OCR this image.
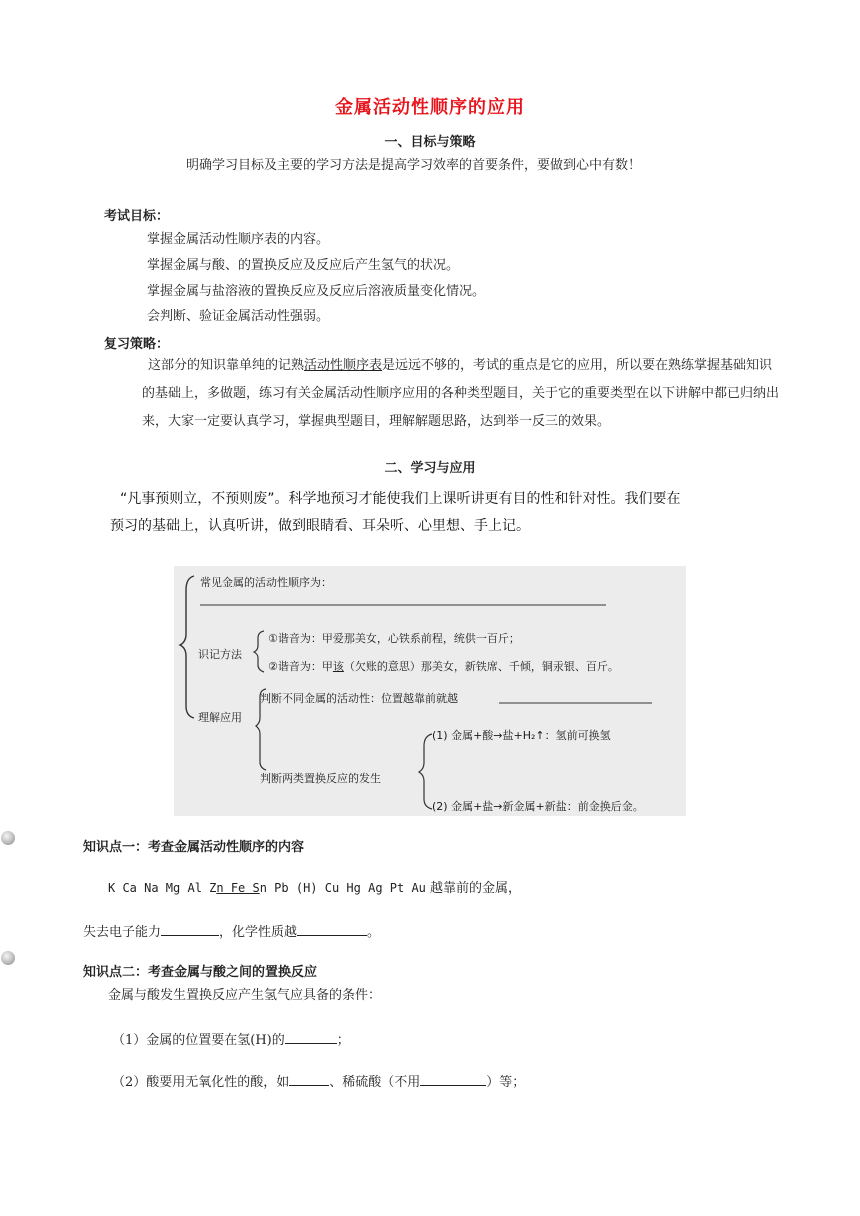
金属活动性顺序的应用
一、目标与策略
明确学习目标及主要的学习方法是提高学习效率的首要条件，要做到心中有数！
考试目标：
掌握金属活动性顺序表的内容。
掌握金属与酸、的置换反应及反应后产生氢气的状况。
掌握金属与盐溶液的置换反应及反应后溶液质量变化情况。
会判断、验证金属活动性强弱。
复习策略：
这部分的知识靠单纯的记熟活动性顺序表是远远不够的，考试的重点是它的应用，所以要在熟练掌握基础知识的基础上，多做题，练习有关金属活动性顺序应用的各种类型题目，关于它的重要类型在以下讲解中都已归纳出来，大家一定要认真学习，掌握典型题目，理解解题思路，达到举一反三的效果。
二、学习与应用
“凡事预则立，不预则废”。科学地预习才能使我们上课听讲更有目的性和针对性。我们要在
预习的基础上，认真听讲，做到眼睛看、耳朵听、心里想、手上记。
常见金属的活动性顺序为：
识记方法
①谐音为：甲爱那美女，心铁系前程，统供一百斤；
②谐音为：甲该（欠账的意思）那美女，新铁席、千倾，铜汞银、百斤。
理解应用
判断不同金属的活动性：位置越靠前就越
判断两类置换反应的发生
(1) 金属+酸→盐+H₂↑：氢前可换氢
(2) 金属+盐→新金属+新盐：前金换后金。
知识点一：考查金属活动性顺序的内容
K Ca Na Mg Al Zn Fe Sn Pb (H) Cu Hg Ag Pt Au 越靠前的金属，
失去电子能力	，化学性质越	。
知识点二：考查金属与酸之间的置换反应
金属与酸发生置换反应产生氢气应具备的条件：
（1）金属的位置要在氢(H)的	；
（2）酸要用无氧化性的酸，如	、稀硫酸（不用	）等；
